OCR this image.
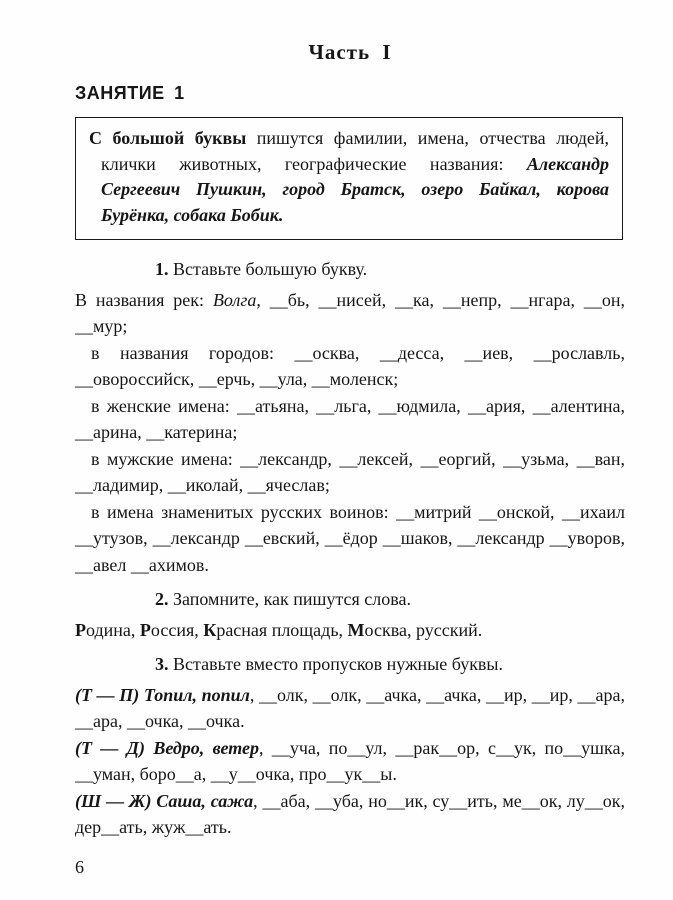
Часть I
ЗАНЯТИЕ 1

С большой буквы пишутся фамилии, имена, отчества людей, клички животных, географические названия: Александр Сергеевич Пушкин, город Братск, озеро Байкал, корова Бурёнка, собака Бобик.

1. Вставьте большую букву.

В названия рек: Волга, __бь, __нисей, __ка, __непр, __нгара, __он, __мур;

в названия городов: __осква, __десса, __иев, __рославль, __овороссийск, __ерчь, __ула, __моленск;

в женские имена: __атьяна, __льга, __юдмила, __ария, __алентина, __арина, __катерина;

в мужские имена: __лександр, __лексей, __еоргий, __узьма, __ван, __ладимир, __иколай, __ячеслав;

в имена знаменитых русских воинов: __митрий __онской, __ихаил __утузов, __лександр __евский, __ёдор __шаков, __лександр __уворов, __авел __ахимов.

2. Запомните, как пишутся слова.

Родина, Россия, Красная площадь, Москва, русский.

3. Вставьте вместо пропусков нужные буквы.

(Т — П) Топил, попил, __олк, __олк, __ачка, __ачка, __ир, __ир, __ара, __ара, __очка, __очка.

(Т — Д) Ведро, ветер, __уча, по__ул, __рак__ор, с__ук, по__ушка, __уман, боро__а, __у__очка, про__ук__ы.

(Ш — Ж) Саша, сажа, __аба, __уба, но__ик, су__ить, ме__ок, лу__ок, дер__ать, жуж__ать.

6
